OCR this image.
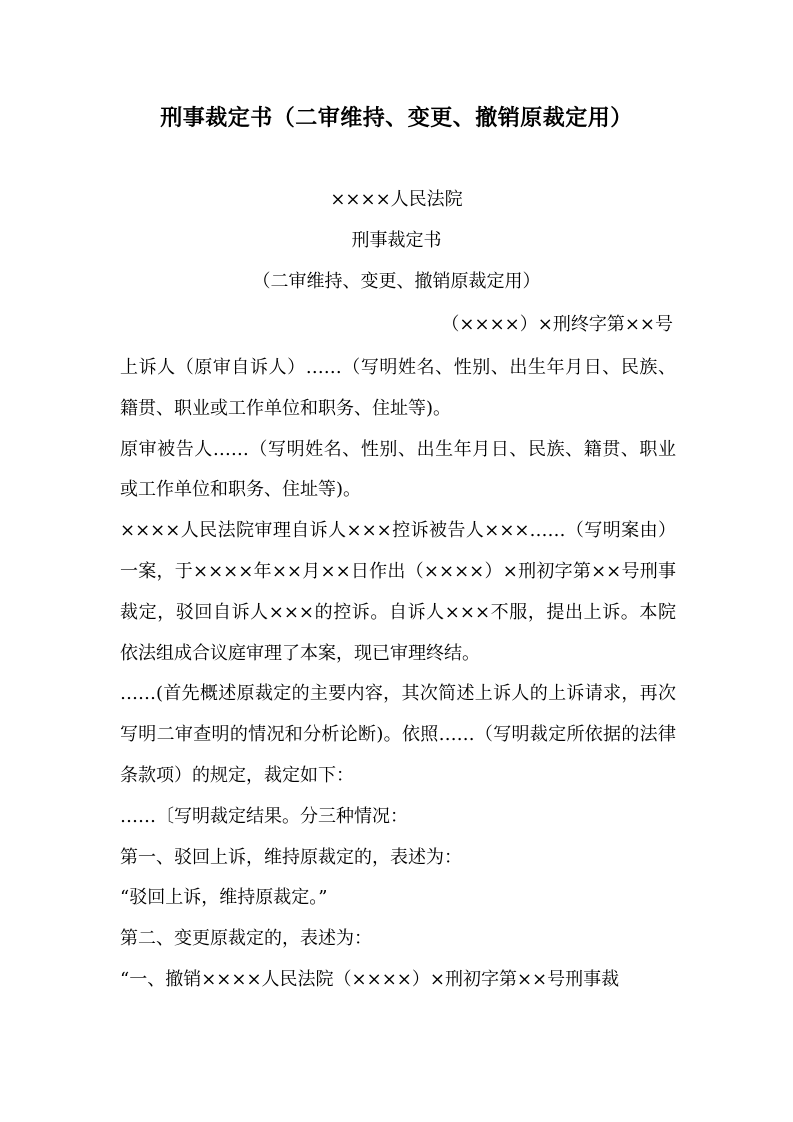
刑事裁定书（二审维持、变更、撤销原裁定用）
××××人民法院
刑事裁定书
（二审维持、变更、撤销原裁定用）
（××××）×刑终字第××号

上诉人（原审自诉人）……（写明姓名、性别、出生年月日、民族、籍贯、职业或工作单位和职务、住址等)。

原审被告人……（写明姓名、性别、出生年月日、民族、籍贯、职业或工作单位和职务、住址等)。

××××人民法院审理自诉人×××控诉被告人×××……（写明案由）一案，于××××年××月××日作出（××××）×刑初字第××号刑事裁定，驳回自诉人×××的控诉。自诉人×××不服，提出上诉。本院依法组成合议庭审理了本案，现已审理终结。

……(首先概述原裁定的主要内容，其次简述上诉人的上诉请求，再次写明二审查明的情况和分析论断)。依照……（写明裁定所依据的法律条款项）的规定，裁定如下：

……〔写明裁定结果。分三种情况：

第一、驳回上诉，维持原裁定的，表述为：

“驳回上诉，维持原裁定。”

第二、变更原裁定的，表述为：

“一、撤销××××人民法院（××××）×刑初字第××号刑事裁
